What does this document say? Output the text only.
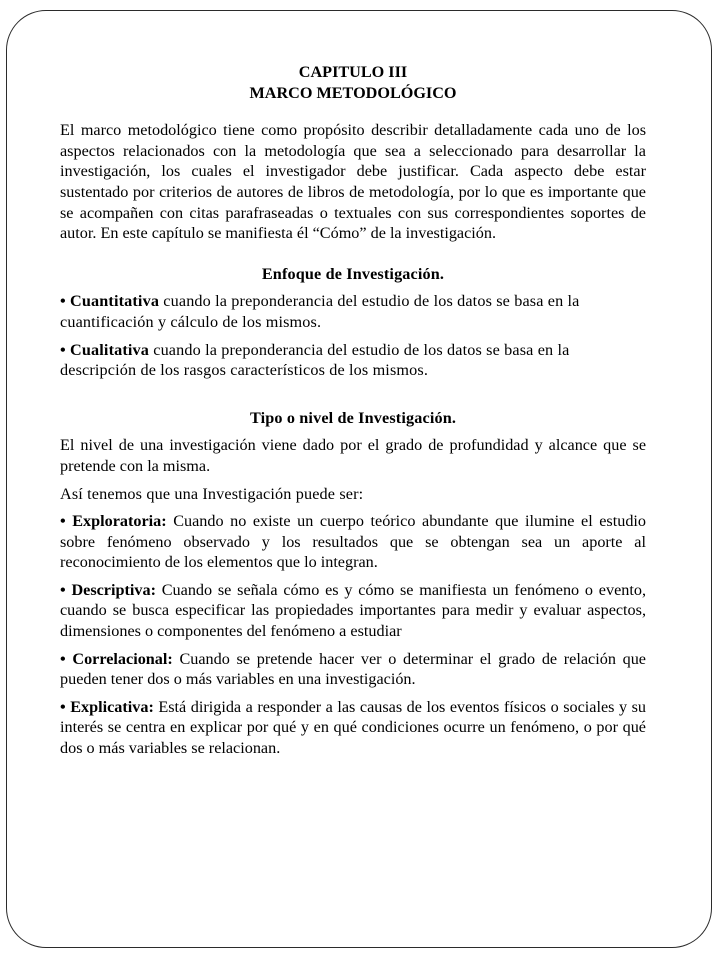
CAPITULO III

MARCO METODOLÓGICO

El marco metodológico tiene como propósito describir detalladamente cada uno de los aspectos relacionados con la metodología que sea a seleccionado para desarrollar la investigación, los cuales el investigador debe justificar. Cada aspecto debe estar sustentado por criterios de autores de libros de metodología, por lo que es importante que se acompañen con citas parafraseadas o textuales con sus correspondientes soportes de autor. En este capítulo se manifiesta él “Cómo” de la investigación.

Enfoque de Investigación.

• Cuantitativa cuando la preponderancia del estudio de los datos se basa en la cuantificación y cálculo de los mismos.

• Cualitativa cuando la preponderancia del estudio de los datos se basa en la descripción de los rasgos característicos de los mismos.

Tipo o nivel de Investigación.

El nivel de una investigación viene dado por el grado de profundidad y alcance que se pretende con la misma.

Así tenemos que una Investigación puede ser:

• Exploratoria: Cuando no existe un cuerpo teórico abundante que ilumine el estudio sobre fenómeno observado y los resultados que se obtengan sea un aporte al reconocimiento de los elementos que lo integran.

• Descriptiva: Cuando se señala cómo es y cómo se manifiesta un fenómeno o evento, cuando se busca especificar las propiedades importantes para medir y evaluar aspectos, dimensiones o componentes del fenómeno a estudiar

• Correlacional: Cuando se pretende hacer ver o determinar el grado de relación que pueden tener dos o más variables en una investigación.

• Explicativa: Está dirigida a responder a las causas de los eventos físicos o sociales y su interés se centra en explicar por qué y en qué condiciones ocurre un fenómeno, o por qué dos o más variables se relacionan.
